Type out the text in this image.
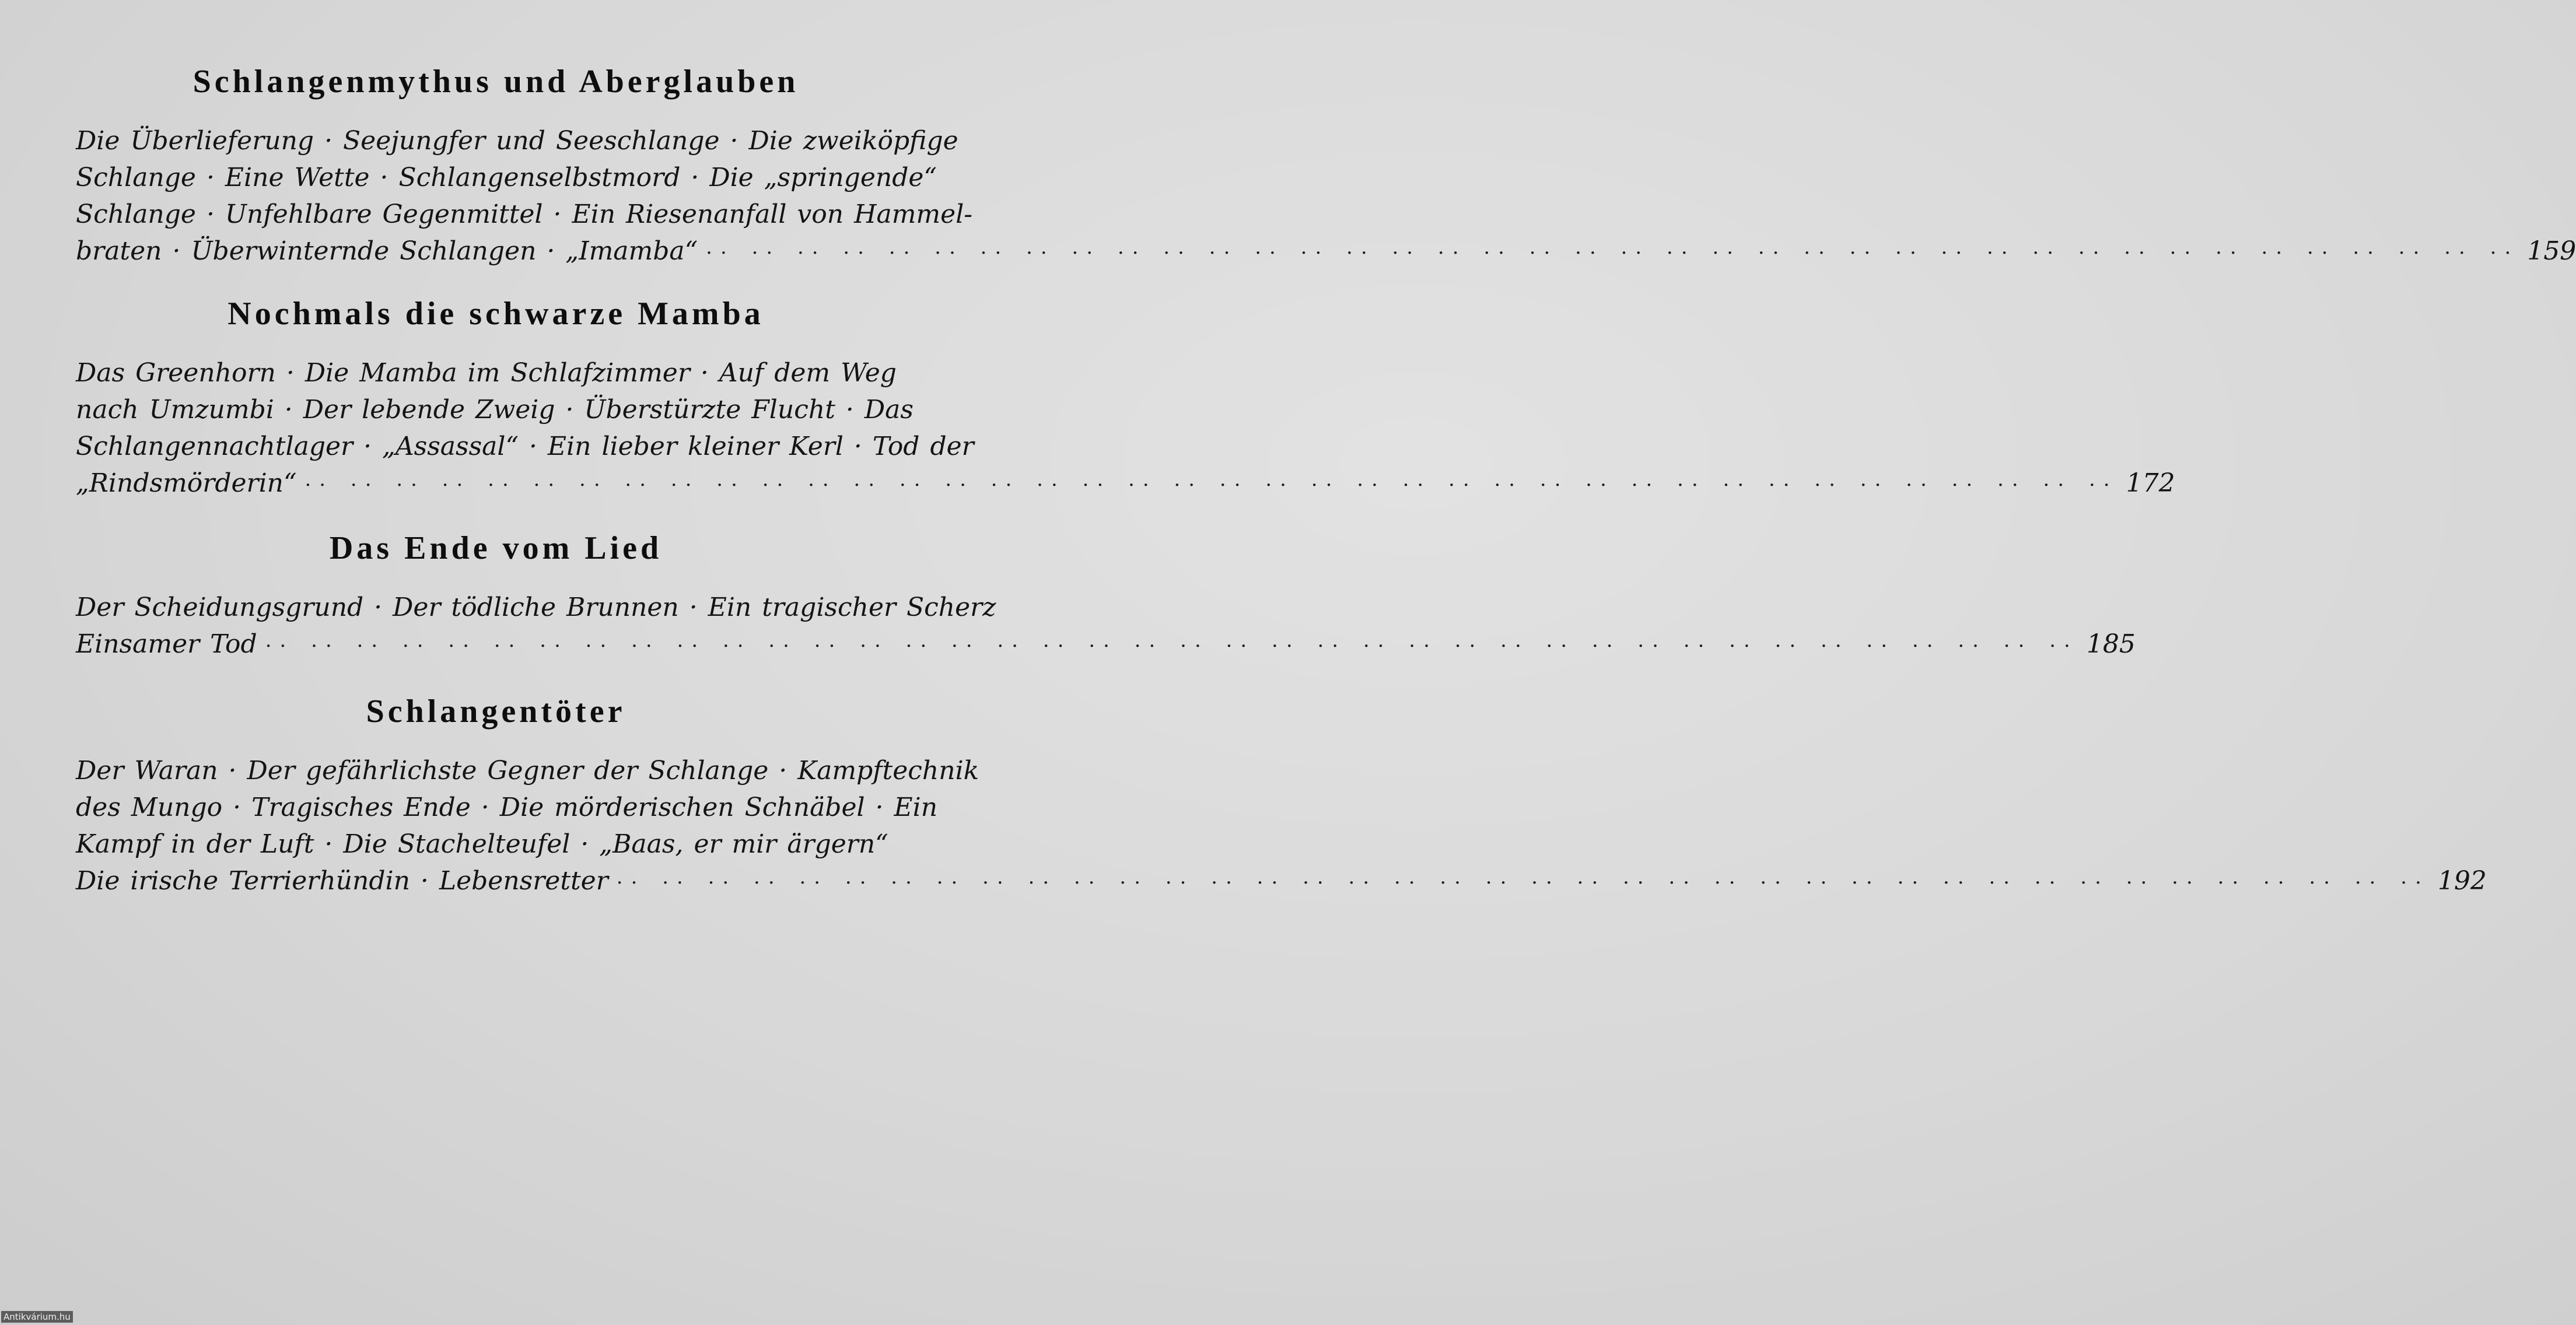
Schlangenmythus und Aberglauben
Die Überlieferung · Seejungfer und Seeschlange · Die zweiköpfige
Schlange · Eine Wette · Schlangenselbstmord · Die „springende“
Schlange · Unfehlbare Gegenmittel · Ein Riesenanfall von Hammel-
braten · Überwinternde Schlangen · „Imamba“ ·· ·· ·· ·· ·· ·· ·· ·· ·· ·· ·· ·· ·· ·· ·· ·· ·· ·· ·· ·· ·· ·· ·· ·· ·· ·· ·· ·· ·· ·· ·· ·· ·· ·· ·· ·· ·· ·· ·· ·· 159
Nochmals die schwarze Mamba
Das Greenhorn · Die Mamba im Schlafzimmer · Auf dem Weg
nach Umzumbi · Der lebende Zweig · Überstürzte Flucht · Das
Schlangennachtlager · „Assassal“ · Ein lieber kleiner Kerl · Tod der
„Rindsmörderin“ ·· ·· ·· ·· ·· ·· ·· ·· ·· ·· ·· ·· ·· ·· ·· ·· ·· ·· ·· ·· ·· ·· ·· ·· ·· ·· ·· ·· ·· ·· ·· ·· ·· ·· ·· ·· ·· ·· ·· ·· 172
Das Ende vom Lied
Der Scheidungsgrund · Der tödliche Brunnen · Ein tragischer Scherz
Einsamer Tod ·· ·· ·· ·· ·· ·· ·· ·· ·· ·· ·· ·· ·· ·· ·· ·· ·· ·· ·· ·· ·· ·· ·· ·· ·· ·· ·· ·· ·· ·· ·· ·· ·· ·· ·· ·· ·· ·· ·· ·· 185
Schlangentöter
Der Waran · Der gefährlichste Gegner der Schlange · Kampftechnik
des Mungo · Tragisches Ende · Die mörderischen Schnäbel · Ein
Kampf in der Luft · Die Stachelteufel · „Baas, er mir ärgern“
Die irische Terrierhündin · Lebensretter ·· ·· ·· ·· ·· ·· ·· ·· ·· ·· ·· ·· ·· ·· ·· ·· ·· ·· ·· ·· ·· ·· ·· ·· ·· ·· ·· ·· ·· ·· ·· ·· ·· ·· ·· ·· ·· ·· ·· ·· 192
Antikvárium.hu
